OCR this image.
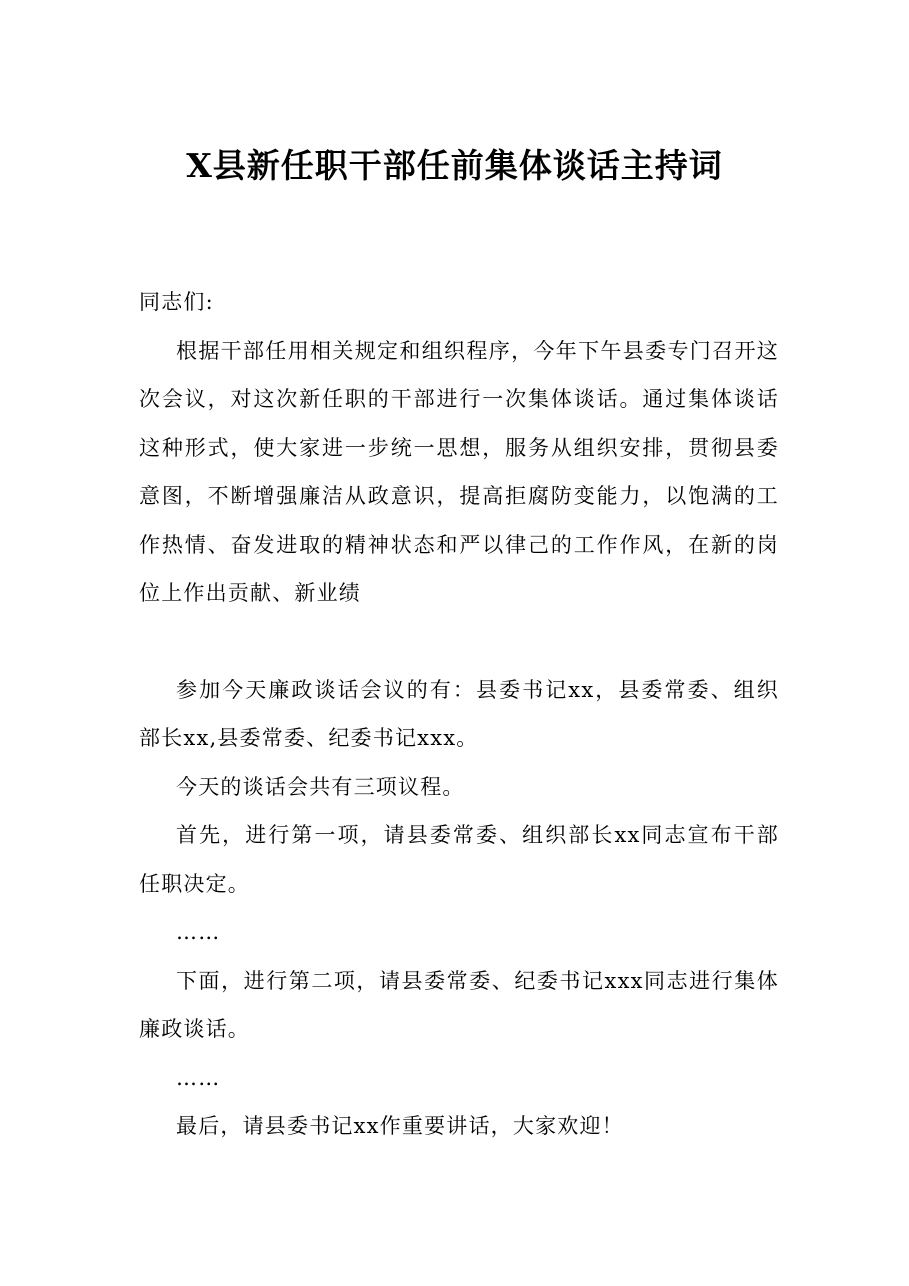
X县新任职干部任前集体谈话主持词

同志们:

根据干部任用相关规定和组织程序，今年下午县委专门召开这次会议，对这次新任职的干部进行一次集体谈话。通过集体谈话这种形式，使大家进一步统一思想，服务从组织安排，贯彻县委意图，不断增强廉洁从政意识，提高拒腐防变能力，以饱满的工作热情、奋发进取的精神状态和严以律己的工作作风，在新的岗位上作出贡献、新业绩

参加今天廉政谈话会议的有：县委书记xx，县委常委、组织部长xx,县委常委、纪委书记xxx。

今天的谈话会共有三项议程。

首先，进行第一项，请县委常委、组织部长xx同志宣布干部任职决定。

……

下面，进行第二项，请县委常委、纪委书记xxx同志进行集体廉政谈话。

……

最后，请县委书记xx作重要讲话，大家欢迎！
